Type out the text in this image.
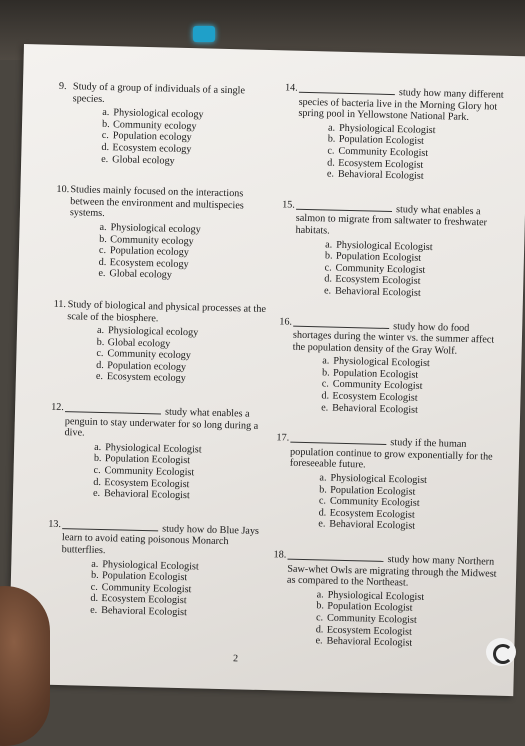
9. Study of a group of individuals of a single species.
a. Physiological ecology
b. Community ecology
c. Population ecology
d. Ecosystem ecology
e. Global ecology
10. Studies mainly focused on the interactions between the environment and multispecies systems.
a. Physiological ecology
b. Community ecology
c. Population ecology
d. Ecosystem ecology
e. Global ecology
11. Study of biological and physical processes at the scale of the biosphere.
a. Physiological ecology
b. Global ecology
c. Community ecology
d. Population ecology
e. Ecosystem ecology
12.	study what enables a penguin to stay underwater for so long during a dive.
a. Physiological Ecologist
b. Population Ecologist
c. Community Ecologist
d. Ecosystem Ecologist
e. Behavioral Ecologist
13.	study how do Blue Jays learn to avoid eating poisonous Monarch butterflies.
a. Physiological Ecologist
b. Population Ecologist
c. Community Ecologist
d. Ecosystem Ecologist
e. Behavioral Ecologist
14.	study how many different species of bacteria live in the Morning Glory hot spring pool in Yellowstone National Park.
a. Physiological Ecologist
b. Population Ecologist
c. Community Ecologist
d. Ecosystem Ecologist
e. Behavioral Ecologist
15.	study what enables a salmon to migrate from saltwater to freshwater habitats.
a. Physiological Ecologist
b. Population Ecologist
c. Community Ecologist
d. Ecosystem Ecologist
e. Behavioral Ecologist
16.	study how do food shortages during the winter vs. the summer affect the population density of the Gray Wolf.
a. Physiological Ecologist
b. Population Ecologist
c. Community Ecologist
d. Ecosystem Ecologist
e. Behavioral Ecologist
17.	study if the human population continue to grow exponentially for the foreseeable future.
a. Physiological Ecologist
b. Population Ecologist
c. Community Ecologist
d. Ecosystem Ecologist
e. Behavioral Ecologist
18.	study how many Northern Saw-whet Owls are migrating through the Midwest as compared to the Northeast.
a. Physiological Ecologist
b. Population Ecologist
c. Community Ecologist
d. Ecosystem Ecologist
e. Behavioral Ecologist
2
